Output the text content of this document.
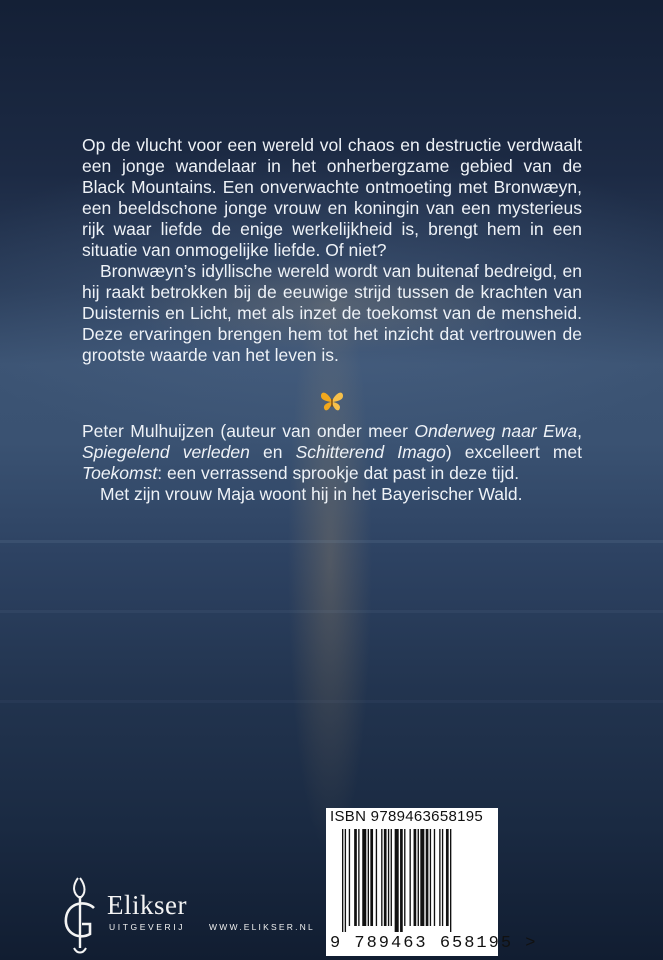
Op de vlucht voor een wereld vol chaos en destructie verdwaalt een jonge wandelaar in het onherbergzame gebied van de Black Mountains. Een onverwachte ontmoeting met Bronwæyn, een beeldschone jonge vrouw en koningin van een mysterieus rijk waar liefde de enige werkelijkheid is, brengt hem in een situatie van onmogelijke liefde. Of niet?

Bronwæyn’s idyllische wereld wordt van buitenaf bedreigd, en hij raakt betrokken bij de eeuwige strijd tussen de krachten van Duisternis en Licht, met als inzet de toekomst van de mensheid. Deze ervaringen brengen hem tot het inzicht dat vertrouwen de grootste waarde van het leven is.

Peter Mulhuijzen (auteur van onder meer Onderweg naar Ewa, Spiegelend verleden en Schitterend Imago) excelleert met Toekomst: een verrassend sprookje dat past in deze tijd.

Met zijn vrouw Maja woont hij in het Bayerischer Wald.

ISBN 9789463658195
9 789463 658195 >
Elikser
UITGEVERIJ	WWW.ELIKSER.NL
